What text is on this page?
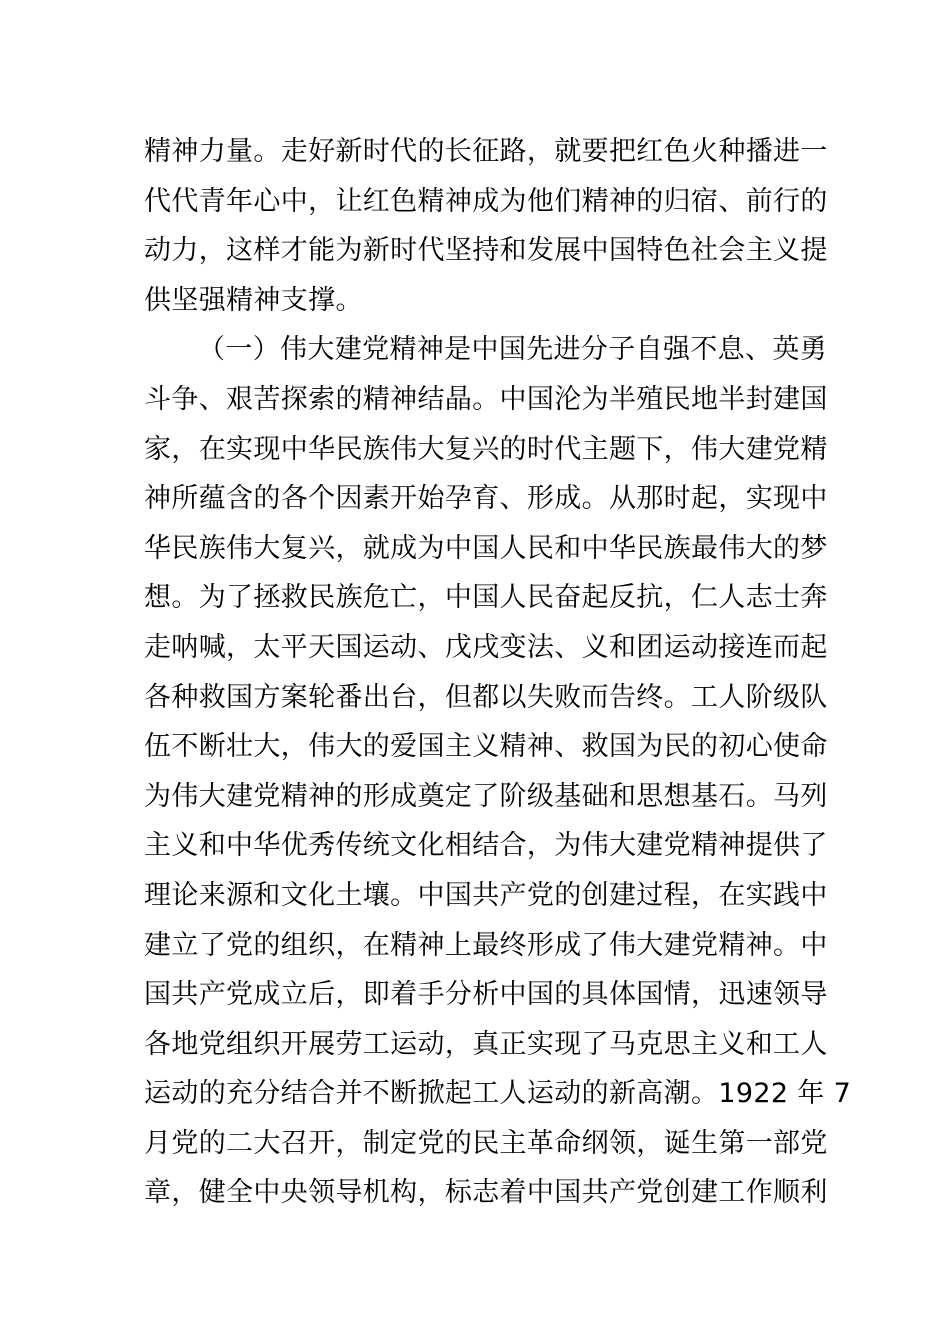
精神力量。走好新时代的长征路，就要把红色火种播进一
代代青年心中，让红色精神成为他们精神的归宿、前行的
动力，这样才能为新时代坚持和发展中国特色社会主义提
供坚强精神支撑。
（一）伟大建党精神是中国先进分子自强不息、英勇
斗争、艰苦探索的精神结晶。中国沦为半殖民地半封建国
家，在实现中华民族伟大复兴的时代主题下，伟大建党精
神所蕴含的各个因素开始孕育、形成。从那时起，实现中
华民族伟大复兴，就成为中国人民和中华民族最伟大的梦
想。为了拯救民族危亡，中国人民奋起反抗，仁人志士奔
走呐喊，太平天国运动、戊戌变法、义和团运动接连而起
各种救国方案轮番出台，但都以失败而告终。工人阶级队
伍不断壮大，伟大的爱国主义精神、救国为民的初心使命
为伟大建党精神的形成奠定了阶级基础和思想基石。马列
主义和中华优秀传统文化相结合，为伟大建党精神提供了
理论来源和文化土壤。中国共产党的创建过程，在实践中
建立了党的组织，在精神上最终形成了伟大建党精神。中
国共产党成立后，即着手分析中国的具体国情，迅速领导
各地党组织开展劳工运动，真正实现了马克思主义和工人
运动的充分结合并不断掀起工人运动的新高潮。1922 年 7
月党的二大召开，制定党的民主革命纲领，诞生第一部党
章，健全中央领导机构，标志着中国共产党创建工作顺利
